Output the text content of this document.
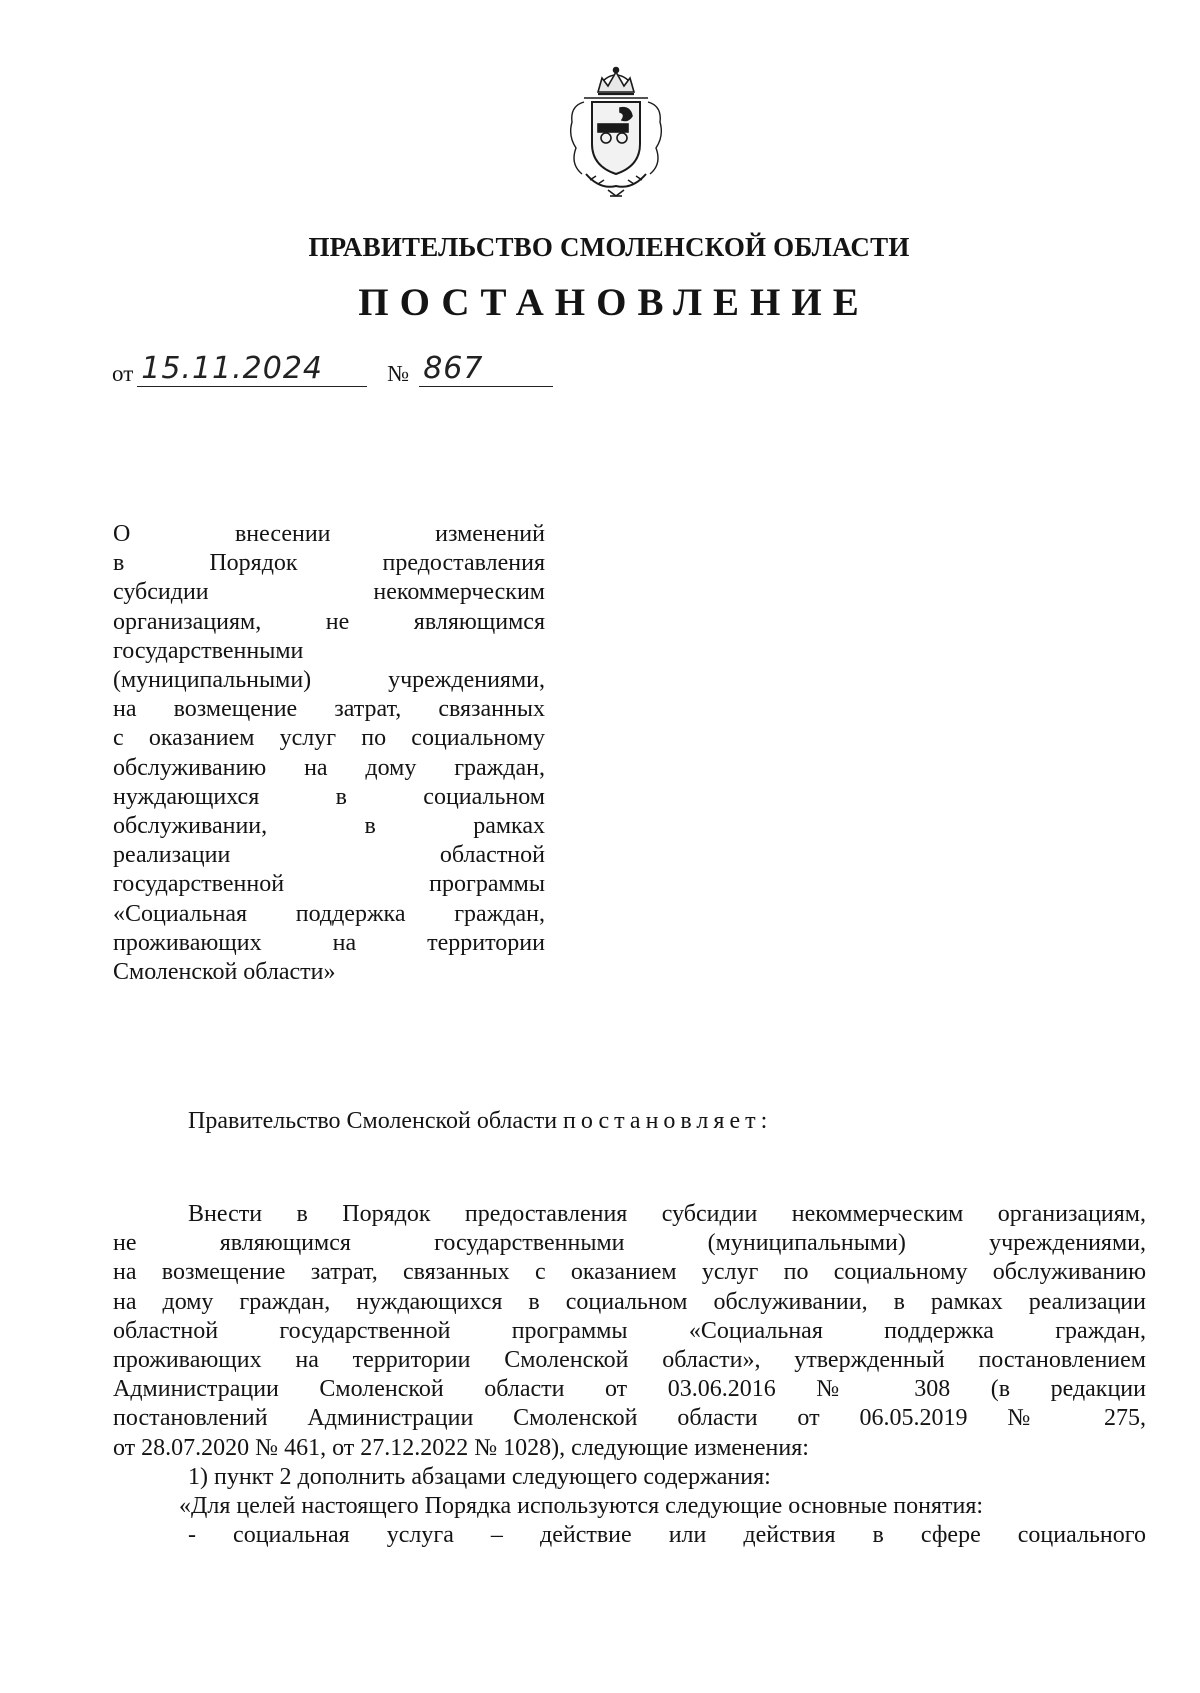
ПРАВИТЕЛЬСТВО СМОЛЕНСКОЙ ОБЛАСТИ
ПОСТАНОВЛЕНИЕ
от 15.11.2024	№ 867
О внесении изменений
в Порядок предоставления
субсидии некоммерческим
организациям, не являющимся
государственными
(муниципальными) учреждениями,
на возмещение затрат, связанных
с оказанием услуг по социальному
обслуживанию на дому граждан,
нуждающихся в социальном
обслуживании, в рамках
реализации областной
государственной программы
«Социальная поддержка граждан,
проживающих на территории
Смоленской области»
Правительство Смоленской области постановляет:
Внести в Порядок предоставления субсидии некоммерческим организациям,
не являющимся государственными (муниципальными) учреждениями,
на возмещение затрат, связанных с оказанием услуг по социальному обслуживанию
на дому граждан, нуждающихся в социальном обслуживании, в рамках реализации
областной государственной программы «Социальная поддержка граждан,
проживающих на территории Смоленской области», утвержденный постановлением
Администрации Смоленской области от 03.06.2016 № 308 (в редакции
постановлений Администрации Смоленской области от 06.05.2019 № 275,
от 28.07.2020 № 461, от 27.12.2022 № 1028), следующие изменения:
1) пункт 2 дополнить абзацами следующего содержания:
«Для целей настоящего Порядка используются следующие основные понятия:
- социальная услуга – действие или действия в сфере социального
